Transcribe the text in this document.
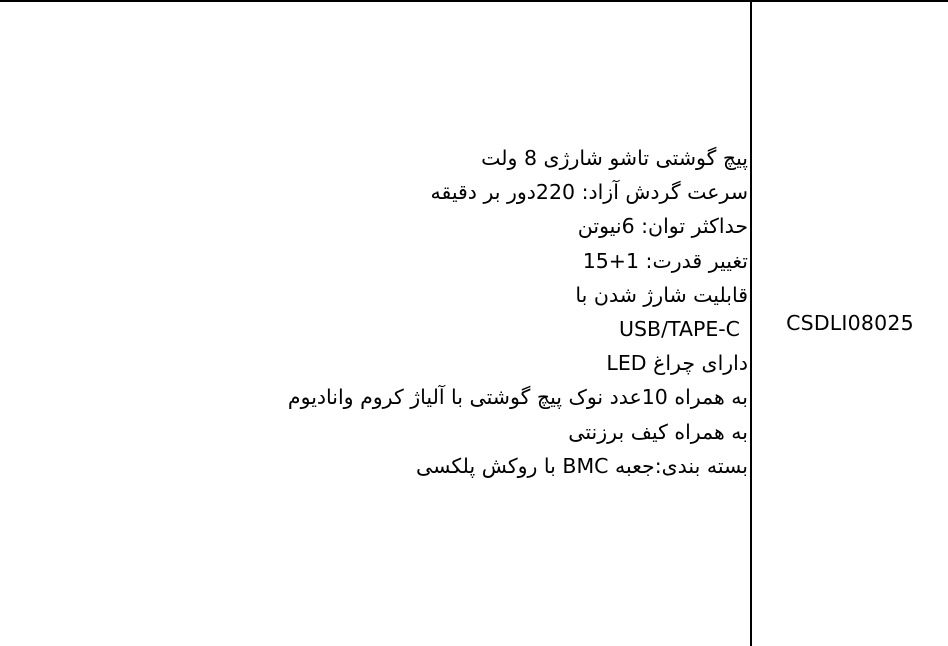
پیچ گوشتی تاشو شارژی 8 ولت
سرعت گردش آزاد: 220دور بر دقیقه
حداکثر توان: 6نیوتن
تغییر قدرت: 1+15
قابلیت شارژ شدن با
USB/TAPE-C
دارای چراغ LED
به همراه 10عدد نوک پیچ گوشتی با آلیاژ کروم وانادیوم
به همراه کیف برزنتی
بسته بندی:جعبه BMC با روکش پلکسی
CSDLI08025
